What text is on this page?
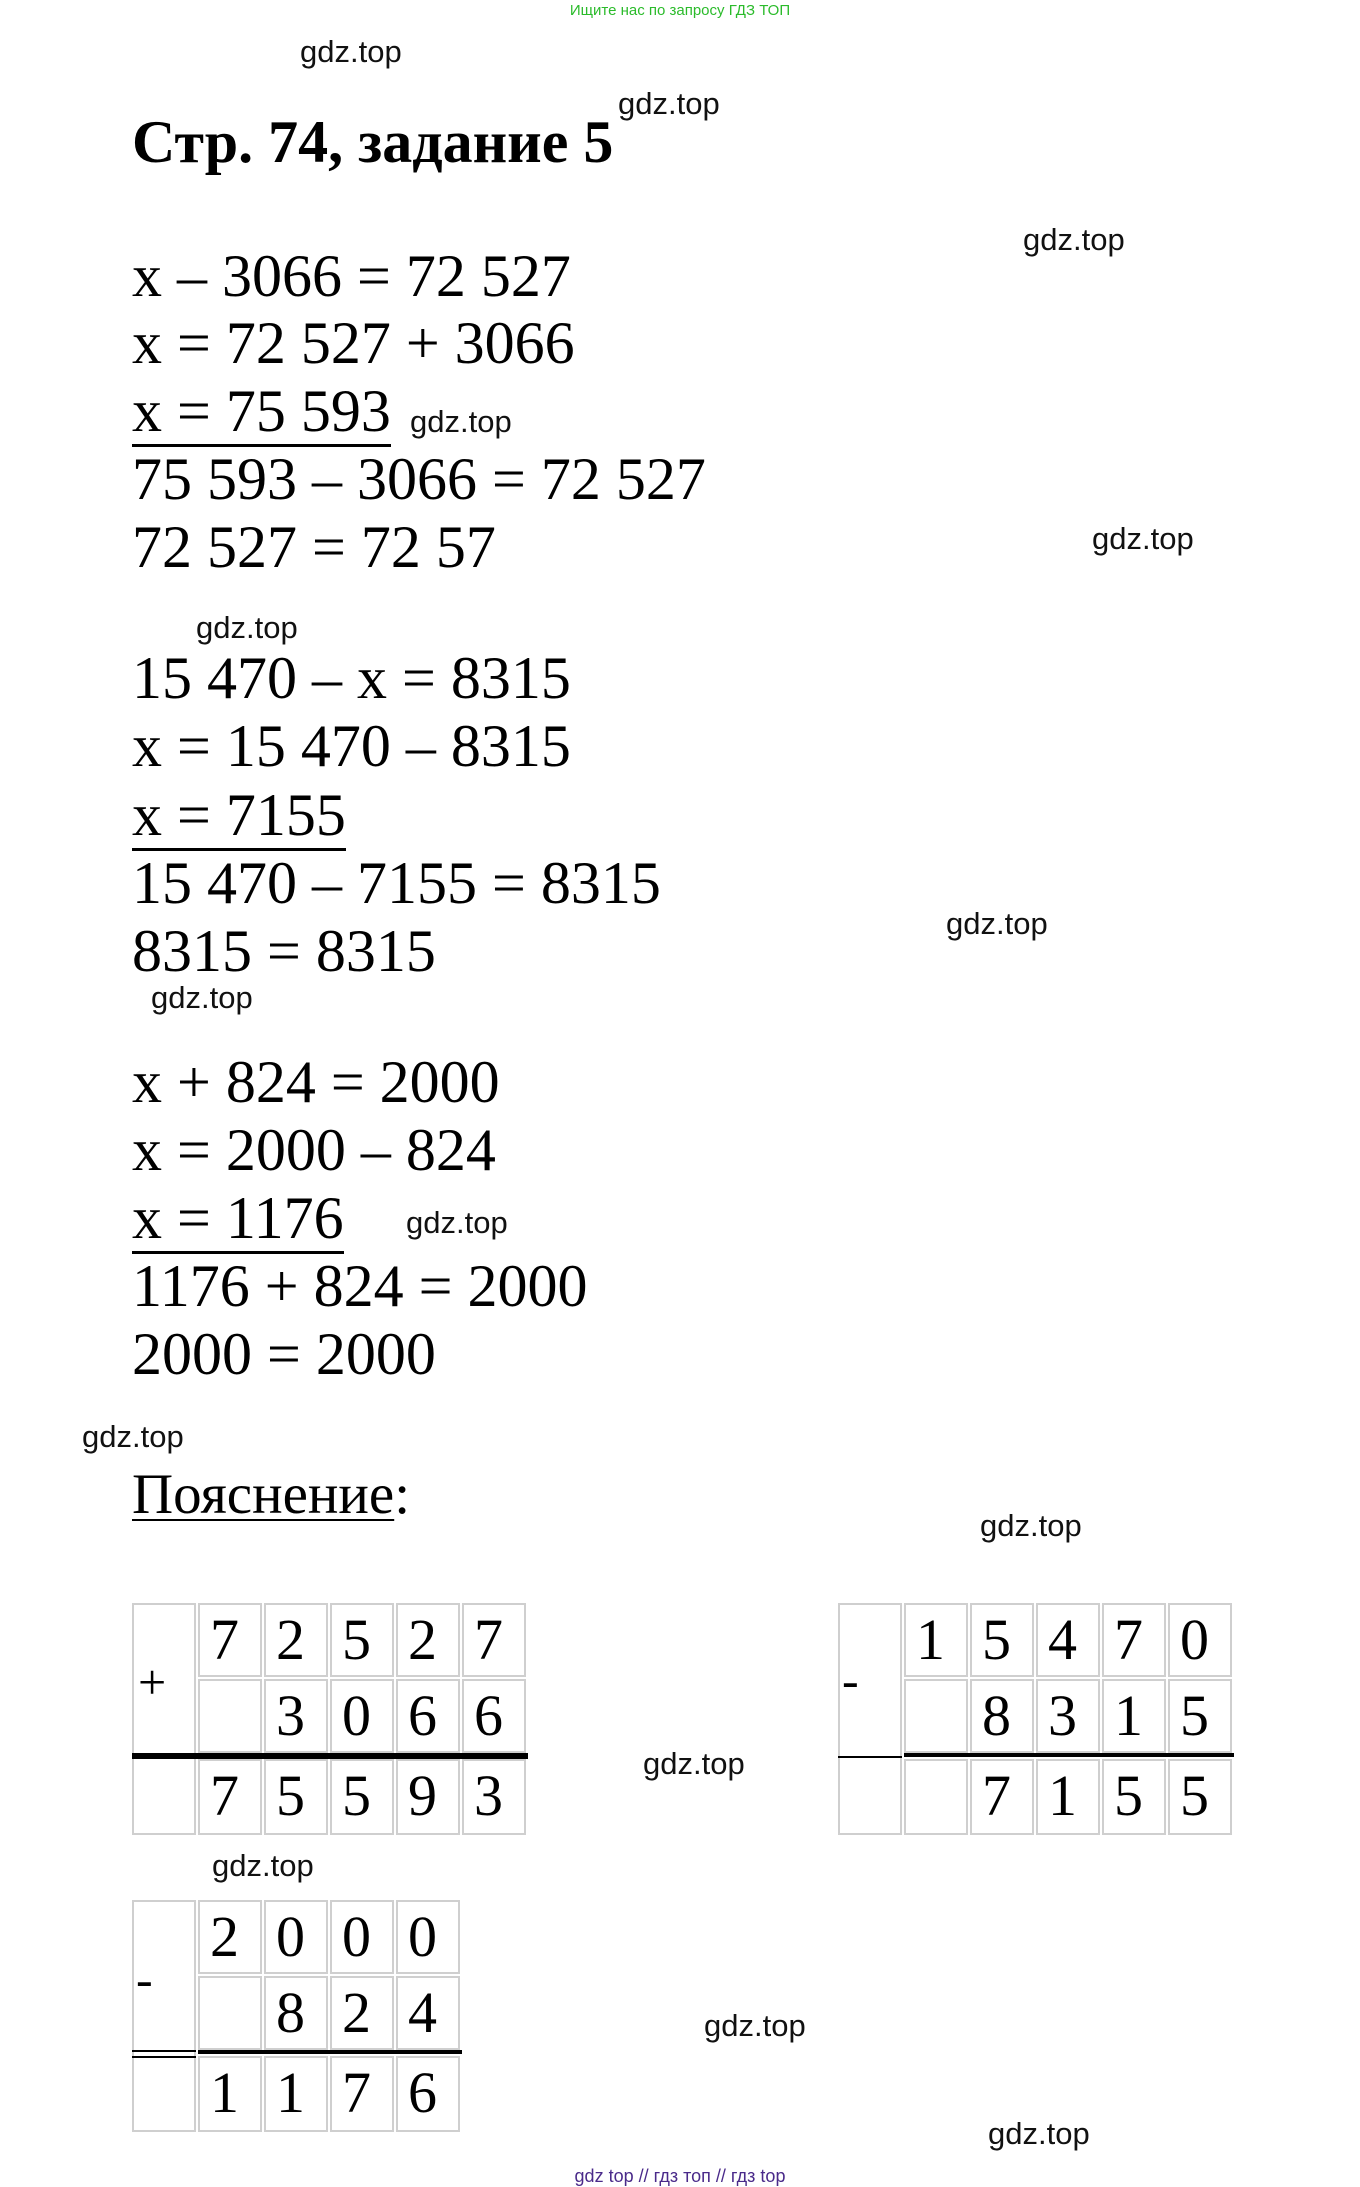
Ищите нас по запросу ГДЗ ТОП
gdz.top
gdz.top
gdz.top
gdz.top
gdz.top
gdz.top
gdz.top
gdz.top
gdz.top
gdz.top
gdz.top
gdz.top
gdz.top
gdz.top
gdz.top
Стр. 74, задание 5
x – 3066 = 72 527
x = 72 527 + 3066
x = 75 593
75 593 – 3066 = 72 527
72 527 = 72 57
15 470 – x = 8315
x = 15 470 – 8315
x = 7155
15 470 – 7155 = 8315
8315 = 8315
x + 824 = 2000
x = 2000 – 824
x = 1176
1176 + 824 = 2000
2000 = 2000
Пояснение:
+
7 2 5 2 7
3 0 6 6
7 5 5 9 3
-
1 5 4 7 0
8 3 1 5
7 1 5 5
-
2 0 0 0
8 2 4
1 1 7 6
gdz top // гдз топ // гдз top
